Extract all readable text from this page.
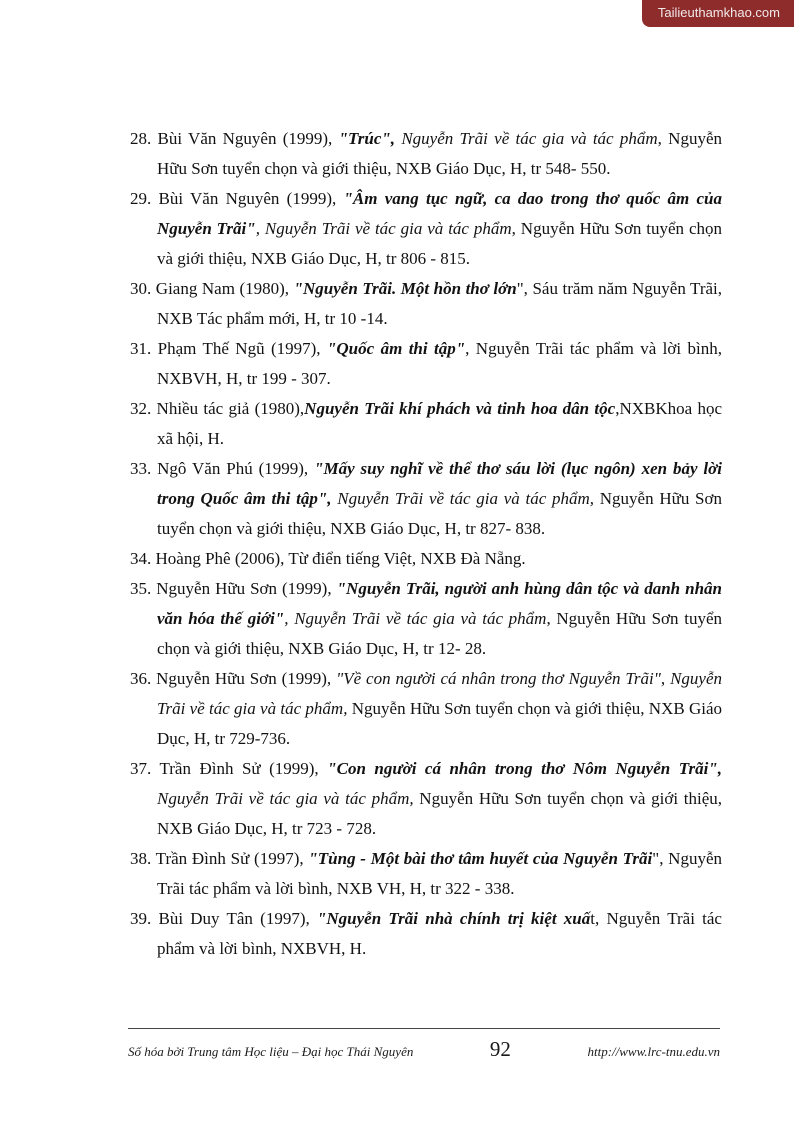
Tailieuthamkhao.com

28. Bùi Văn Nguyên (1999), "Trúc", Nguyễn Trãi về tác gia và tác phẩm, Nguyễn Hữu Sơn tuyển chọn và giới thiệu, NXB Giáo Dục, H, tr 548- 550.

29. Bùi Văn Nguyên (1999), "Âm vang tục ngữ, ca dao trong thơ quốc âm của Nguyễn Trãi", Nguyễn Trãi về tác gia và tác phẩm, Nguyễn Hữu Sơn tuyển chọn và giới thiệu, NXB Giáo Dục, H, tr 806 - 815.

30. Giang Nam (1980), "Nguyễn Trãi. Một hồn thơ lớn", Sáu trăm năm Nguyễn Trãi, NXB Tác phẩm mới, H, tr 10 -14.

31. Phạm Thế Ngũ (1997), "Quốc âm thi tập", Nguyễn Trãi tác phẩm và lời bình, NXBVH, H, tr 199 - 307.

32. Nhiều tác giả (1980),Nguyễn Trãi khí phách và tinh hoa dân tộc,NXBKhoa học xã hội, H.

33. Ngô Văn Phú (1999), "Mấy suy nghĩ về thể thơ sáu lời (lục ngôn) xen bảy lời trong Quốc âm thi tập", Nguyễn Trãi về tác gia và tác phẩm, Nguyễn Hữu Sơn tuyển chọn và giới thiệu, NXB Giáo Dục, H, tr 827- 838.

34. Hoàng Phê (2006), Từ điển tiếng Việt, NXB Đà Nẵng.

35. Nguyễn Hữu Sơn (1999), "Nguyễn Trãi, người anh hùng dân tộc và danh nhân văn hóa thế giới", Nguyễn Trãi về tác gia và tác phẩm, Nguyễn Hữu Sơn tuyển chọn và giới thiệu, NXB Giáo Dục, H, tr 12- 28.

36. Nguyễn Hữu Sơn (1999), "Về con người cá nhân trong thơ Nguyễn Trãi", Nguyễn Trãi về tác gia và tác phẩm, Nguyễn Hữu Sơn tuyển chọn và giới thiệu, NXB Giáo Dục, H, tr 729-736.

37. Trần Đình Sử (1999), "Con người cá nhân trong thơ Nôm Nguyễn Trãi", Nguyễn Trãi về tác gia và tác phẩm, Nguyễn Hữu Sơn tuyển chọn và giới thiệu, NXB Giáo Dục, H, tr 723 - 728.

38. Trần Đình Sử (1997), "Tùng - Một bài thơ tâm huyết của Nguyễn Trãi", Nguyễn Trãi tác phẩm và lời bình, NXB VH, H, tr 322 - 338.

39. Bùi Duy Tân (1997), "Nguyễn Trãi nhà chính trị kiệt xuất, Nguyễn Trãi tác phẩm và lời bình, NXBVH, H.

Số hóa bởi Trung tâm Học liệu – Đại học Thái Nguyên	92	http://www.lrc-tnu.edu.vn
